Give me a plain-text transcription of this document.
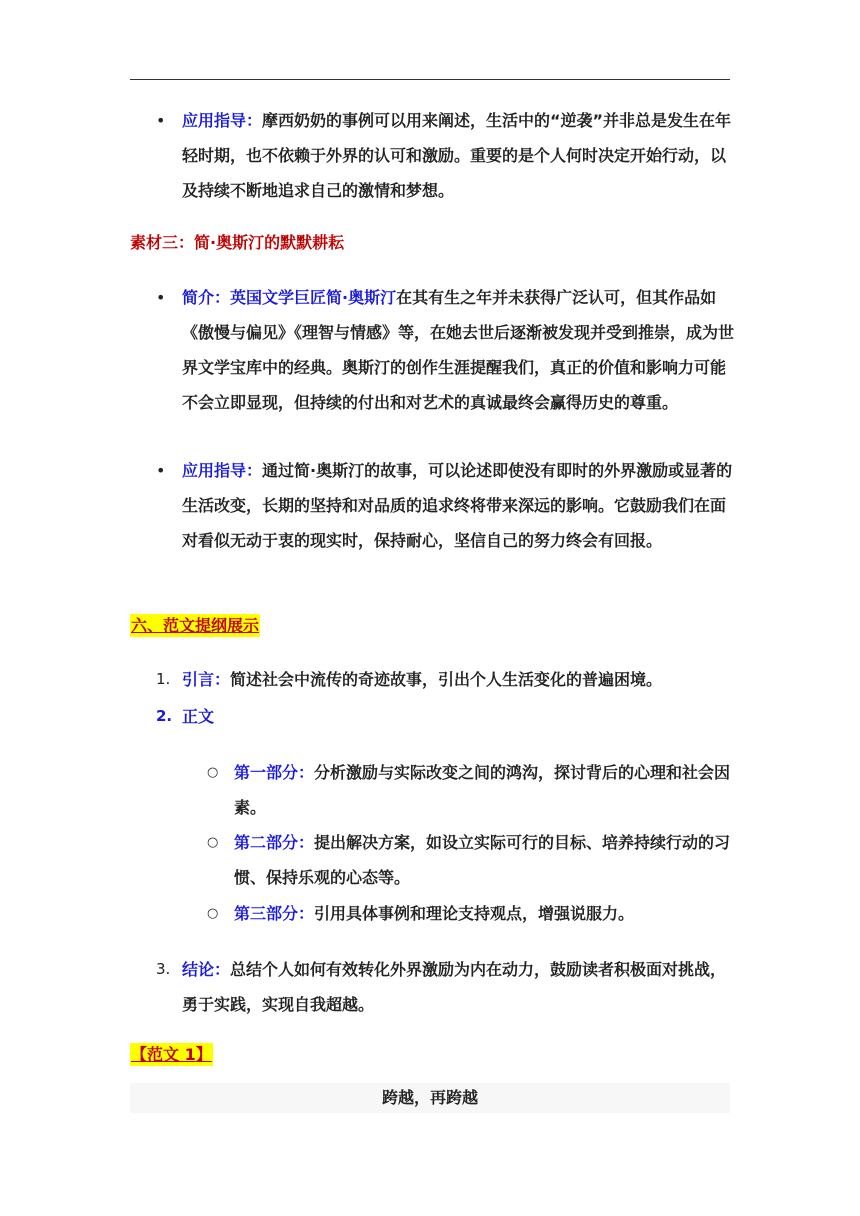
• 应用指导：摩西奶奶的事例可以用来阐述，生活中的“逆袭”并非总是发生在年轻时期，也不依赖于外界的认可和激励。重要的是个人何时决定开始行动，以及持续不断地追求自己的激情和梦想。
素材三：简·奥斯汀的默默耕耘
• 简介：英国文学巨匠简·奥斯汀在其有生之年并未获得广泛认可，但其作品如《傲慢与偏见》《理智与情感》等，在她去世后逐渐被发现并受到推崇，成为世界文学宝库中的经典。奥斯汀的创作生涯提醒我们，真正的价值和影响力可能不会立即显现，但持续的付出和对艺术的真诚最终会赢得历史的尊重。
• 应用指导：通过简·奥斯汀的故事，可以论述即使没有即时的外界激励或显著的生活改变，长期的坚持和对品质的追求终将带来深远的影响。它鼓励我们在面对看似无动于衷的现实时，保持耐心，坚信自己的努力终会有回报。
六、范文提纲展示
1. 引言：简述社会中流传的奇迹故事，引出个人生活变化的普遍困境。
2. 正文
○ 第一部分：分析激励与实际改变之间的鸿沟，探讨背后的心理和社会因素。
○ 第二部分：提出解决方案，如设立实际可行的目标、培养持续行动的习惯、保持乐观的心态等。
○ 第三部分：引用具体事例和理论支持观点，增强说服力。
3. 结论：总结个人如何有效转化外界激励为内在动力，鼓励读者积极面对挑战，勇于实践，实现自我超越。
【范文 1】
跨越，再跨越
